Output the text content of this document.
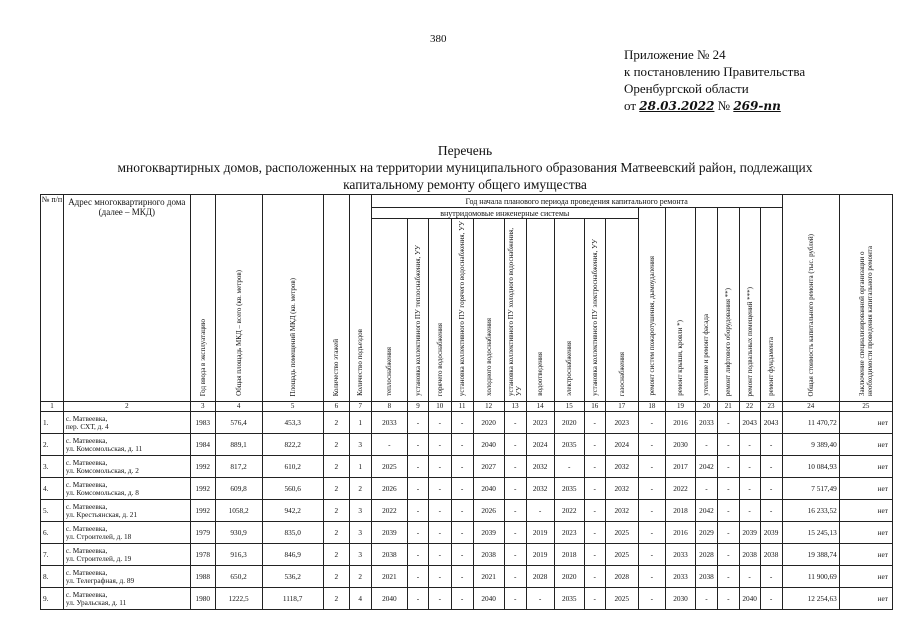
380
Приложение № 24
к постановлению Правительства
Оренбургской области
от 28.03.2022 № 269-пп
Перечень
многоквартирных домов, расположенных на территории муниципального образования Матвеевский район, подлежащих
капитальному ремонту общего имущества
№ п/п	Адрес многоквартирного дома (далее – МКД)	Год ввода в эксплуатацию	Общая площадь МКД – всего (кв. метров)	Площадь помещений МКД (кв. метров)	Количество этажей	Количество подъездов	Год начала планового периода проведения капитального ремонта																Общая стоимость капитального ремонта (тыс. рублей)	Заключение специализированной организации о необходимости проведения капитального ремонта
							внутридомовые инженерные системы										ремонт систем пожаротушения, дымоудаления	ремонт крыши, кровли *)	утепление и ремонт фасада	ремонт лифтового оборудования **)	ремонт подвальных помещений ***)	ремонт фундамента		
							теплоснабжения	установка коллективного ПУ теплоснабжения, УУ	горячего водоснабжения	установка коллективного ПУ горячего водоснабжения, УУ	холодного водоснабжения	установка коллективного ПУ холодного водоснабжения, УУ	водоотведения	электроснабжения	установка коллективного ПУ электроснабжения, УУ	газоснабжения								
1	2	3	4	5	6	7	8	9	10	11	12	13	14	15	16	17	18	19	20	21	22	23	24	25
1.	с. Матвеевка,
пер. СХТ, д. 4	1983	576,4	453,3	2	1	2033	-	-	-	2020	-	2023	2020	-	2023	-	2016	2033	-	2043	2043	11 470,72	нет
2.	с. Матвеевка,
ул. Комсомольская, д. 11	1984	889,1	822,2	2	3	-	-	-	-	2040	-	2024	2035	-	2024	-	2030	-	-	-	-	9 389,40	нет
3.	с. Матвеевка,
ул. Комсомольская, д. 2	1992	817,2	610,2	2	1	2025	-	-	-	2027	-	2032	-	-	2032	-	2017	2042	-	-	-	10 084,93	нет
4.	с. Матвеевка,
ул. Комсомольская, д. 8	1992	609,8	560,6	2	2	2026	-	-	-	2040	-	2032	2035	-	2032	-	2022	-	-	-	-	7 517,49	нет
5.	с. Матвеевка,
ул. Крестьянская, д. 21	1992	1058,2	942,2	2	3	2022	-	-	-	2026	-	-	2022	-	2032	-	2018	2042	-	-	-	16 233,52	нет
6.	с. Матвеевка,
ул. Строителей, д. 18	1979	930,9	835,0	2	3	2039	-	-	-	2039	-	2019	2023	-	2025	-	2016	2029	-	2039	2039	15 245,13	нет
7.	с. Матвеевка,
ул. Строителей, д. 19	1978	916,3	846,9	2	3	2038	-	-	-	2038	-	2019	2018	-	2025	-	2033	2028	-	2038	2038	19 388,74	нет
8.	с. Матвеевка,
ул. Телеграфная, д. 89	1988	650,2	536,2	2	2	2021	-	-	-	2021	-	2028	2020	-	2028	-	2033	2038	-	-	-	11 900,69	нет
9.	с. Матвеевка,
ул. Уральская, д. 11	1980	1222,5	1118,7	2	4	2040	-	-	-	2040	-	-	2035	-	2025	-	2030	-	-	2040	-	12 254,63	нет
